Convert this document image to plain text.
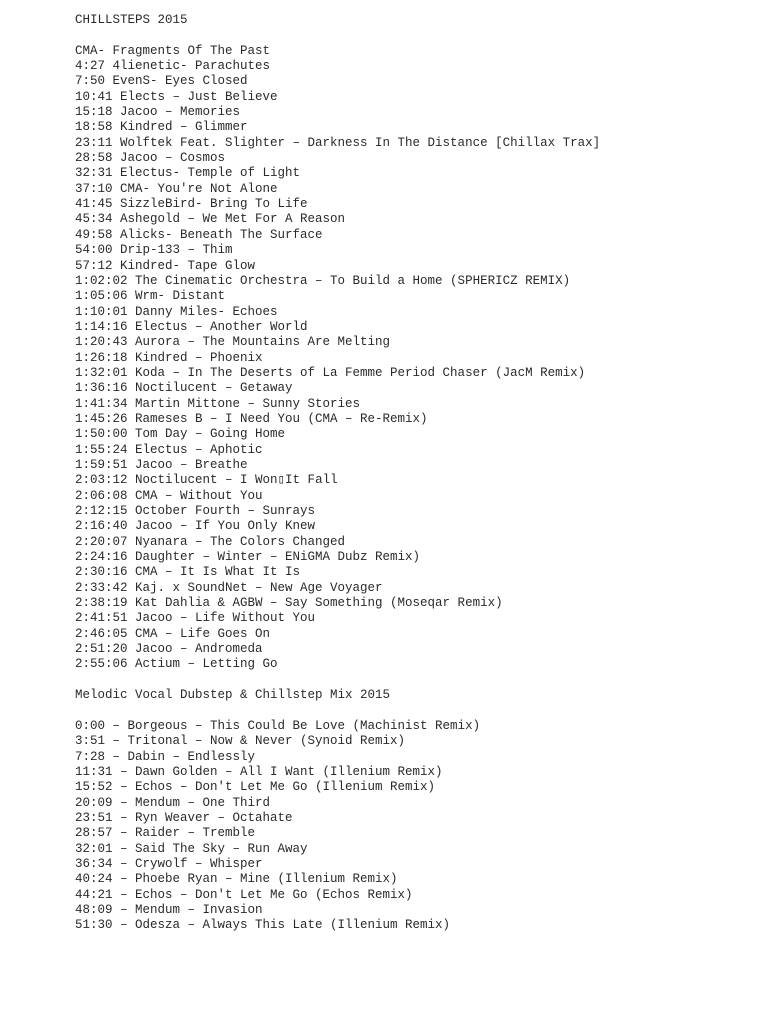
CHILLSTEPS 2015
CMA- Fragments Of The Past
4:27 4lienetic- Parachutes
7:50 EvenS- Eyes Closed
10:41 Elects – Just Believe
15:18 Jacoo – Memories
18:58 Kindred – Glimmer
23:11 Wolftek Feat. Slighter – Darkness In The Distance [Chillax Trax]
28:58 Jacoo – Cosmos
32:31 Electus- Temple of Light
37:10 CMA- You're Not Alone
41:45 SizzleBird- Bring To Life
45:34 Ashegold – We Met For A Reason
49:58 Alicks- Beneath The Surface
54:00 Drip-133 – Thim
57:12 Kindred- Tape Glow
1:02:02 The Cinematic Orchestra – To Build a Home (SPHERICZ REMIX)
1:05:06 Wrm- Distant
1:10:01 Danny Miles- Echoes
1:14:16 Electus – Another World
1:20:43 Aurora – The Mountains Are Melting
1:26:18 Kindred – Phoenix
1:32:01 Koda – In The Deserts of La Femme Period Chaser (JacM Remix)
1:36:16 Noctilucent – Getaway
1:41:34 Martin Mittone – Sunny Stories
1:45:26 Rameses B – I Need You (CMA – Re-Remix)
1:50:00 Tom Day – Going Home
1:55:24 Electus – Aphotic
1:59:51 Jacoo – Breathe
2:03:12 Noctilucent – I Won▯It Fall
2:06:08 CMA – Without You
2:12:15 October Fourth – Sunrays
2:16:40 Jacoo – If You Only Knew
2:20:07 Nyanara – The Colors Changed
2:24:16 Daughter – Winter – ENiGMA Dubz Remix)
2:30:16 CMA – It Is What It Is
2:33:42 Kaj. x SoundNet – New Age Voyager
2:38:19 Kat Dahlia & AGBW – Say Something (Moseqar Remix)
2:41:51 Jacoo – Life Without You
2:46:05 CMA – Life Goes On
2:51:20 Jacoo – Andromeda
2:55:06 Actium – Letting Go
Melodic Vocal Dubstep & Chillstep Mix 2015
0:00 – Borgeous – This Could Be Love (Machinist Remix)
3:51 – Tritonal – Now & Never (Synoid Remix)
7:28 – Dabin – Endlessly
11:31 – Dawn Golden – All I Want (Illenium Remix)
15:52 – Echos – Don't Let Me Go (Illenium Remix)
20:09 – Mendum – One Third
23:51 – Ryn Weaver – Octahate
28:57 – Raider – Tremble
32:01 – Said The Sky – Run Away
36:34 – Crywolf – Whisper
40:24 – Phoebe Ryan – Mine (Illenium Remix)
44:21 – Echos – Don't Let Me Go (Echos Remix)
48:09 – Mendum – Invasion
51:30 – Odesza – Always This Late (Illenium Remix)
